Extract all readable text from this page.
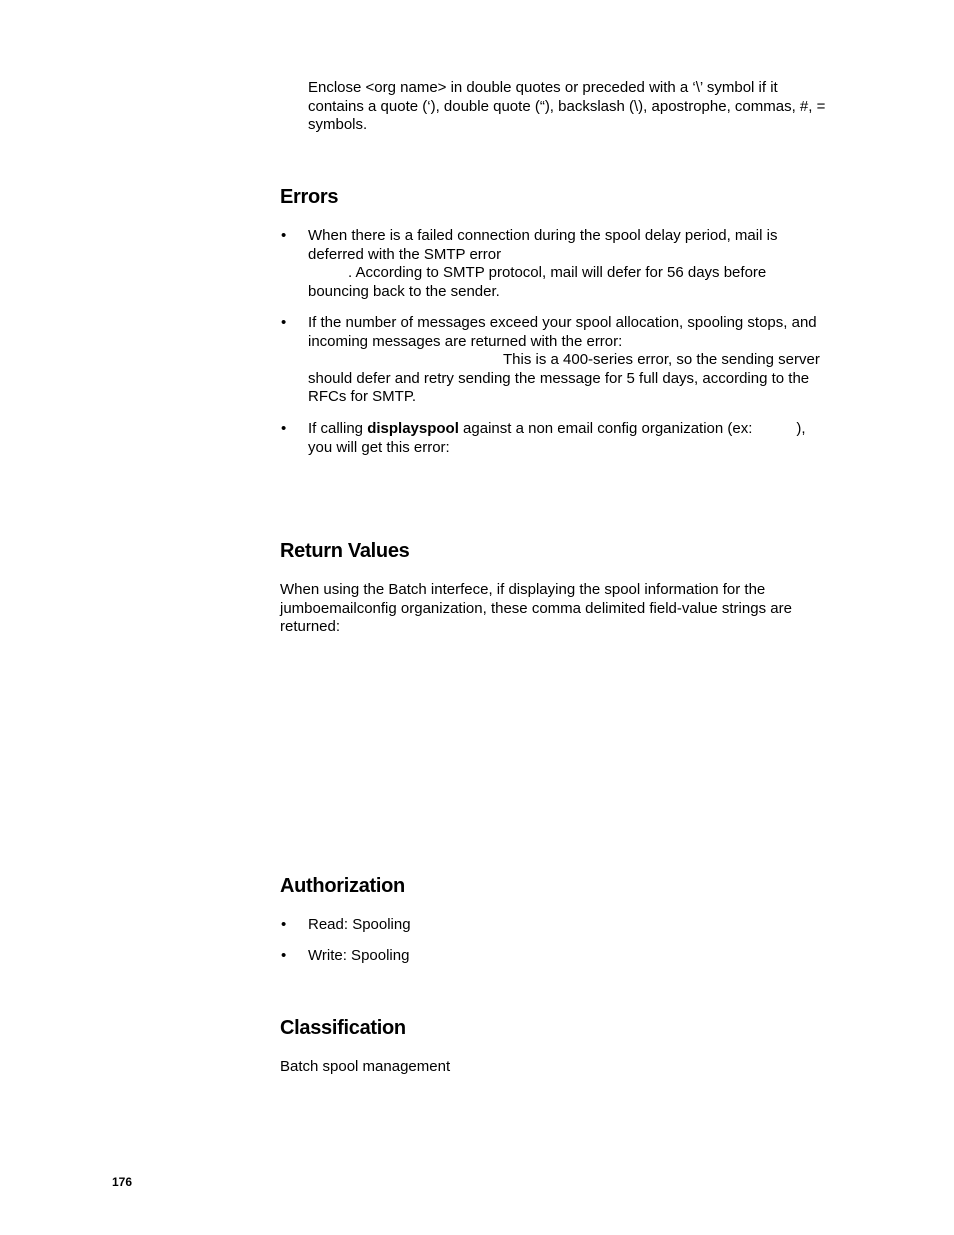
Enclose <org name> in double quotes or preceded with a ‘\’ symbol if it
contains a quote (‘), double quote (“), backslash (\), apostrophe, commas, #, =
symbols.
Errors
• When there is a failed connection during the spool delay period, mail is
deferred with the SMTP error
. According to SMTP protocol, mail will defer for 56 days before
bouncing back to the sender.
• If the number of messages exceed your spool allocation, spooling stops, and
incoming messages are returned with the error:
This is a 400-series error, so the sending server
should defer and retry sending the message for 5 full days, according to the
RFCs for SMTP.
• If calling displayspool against a non email config organization (ex:	),
you will get this error:
Return Values
When using the Batch interfece, if displaying the spool information for the
jumboemailconfig organization, these comma delimited field-value strings are
returned:
Authorization
• Read: Spooling
• Write: Spooling
Classification
Batch spool management
176
